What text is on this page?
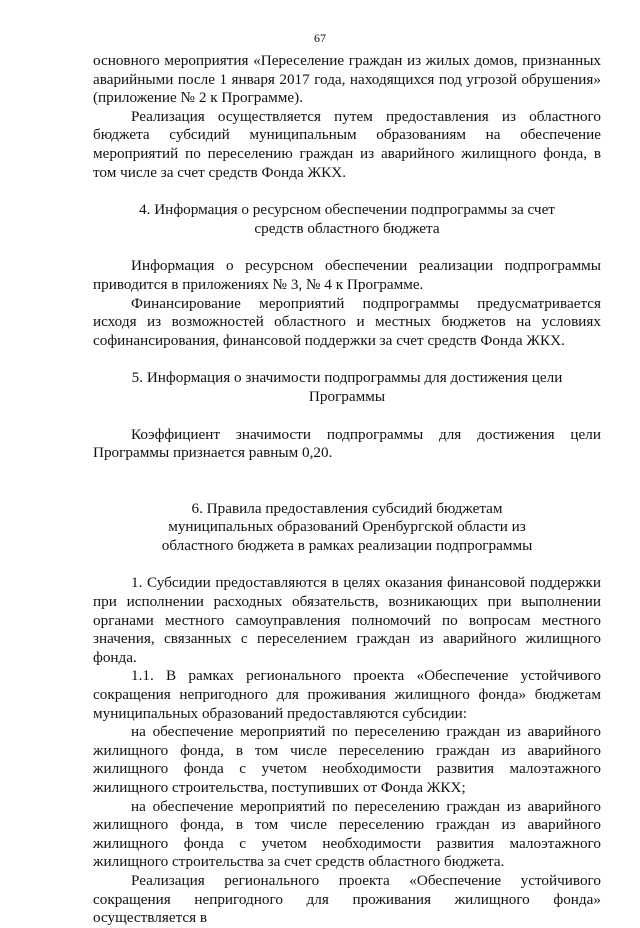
67

основного мероприятия «Переселение граждан из жилых домов, признанных аварийными после 1 января 2017 года, находящихся под угрозой обрушения» (приложение № 2 к Программе).

Реализация осуществляется путем предоставления из областного бюджета субсидий муниципальным образованиям на обеспечение мероприятий по переселению граждан из аварийного жилищного фонда, в том числе за счет средств Фонда ЖКХ.

4. Информация о ресурсном обеспечении подпрограммы за счет

средств областного бюджета

Информация о ресурсном обеспечении реализации подпрограммы приводится в приложениях № 3, № 4 к Программе.

Финансирование мероприятий подпрограммы предусматривается исходя из возможностей областного и местных бюджетов на условиях софинансирования, финансовой поддержки за счет средств Фонда ЖКХ.

5. Информация о значимости подпрограммы для достижения цели

Программы

Коэффициент значимости подпрограммы для достижения цели Программы признается равным 0,20.

6. Правила предоставления субсидий бюджетам

муниципальных образований Оренбургской области из

областного бюджета в рамках реализации подпрограммы

1. Субсидии предоставляются в целях оказания финансовой поддержки при исполнении расходных обязательств, возникающих при выполнении органами местного самоуправления полномочий по вопросам местного значения, связанных с переселением граждан из аварийного жилищного фонда.

1.1. В рамках регионального проекта «Обеспечение устойчивого сокращения непригодного для проживания жилищного фонда» бюджетам муниципальных образований предоставляются субсидии:

на обеспечение мероприятий по переселению граждан из аварийного жилищного фонда, в том числе переселению граждан из аварийного жилищного фонда с учетом необходимости развития малоэтажного жилищного строительства, поступивших от Фонда ЖКХ;

на обеспечение мероприятий по переселению граждан из аварийного жилищного фонда, в том числе переселению граждан из аварийного жилищного фонда с учетом необходимости развития малоэтажного жилищного строительства за счет средств областного бюджета.

Реализация регионального проекта «Обеспечение устойчивого сокращения непригодного для проживания жилищного фонда» осуществляется в
